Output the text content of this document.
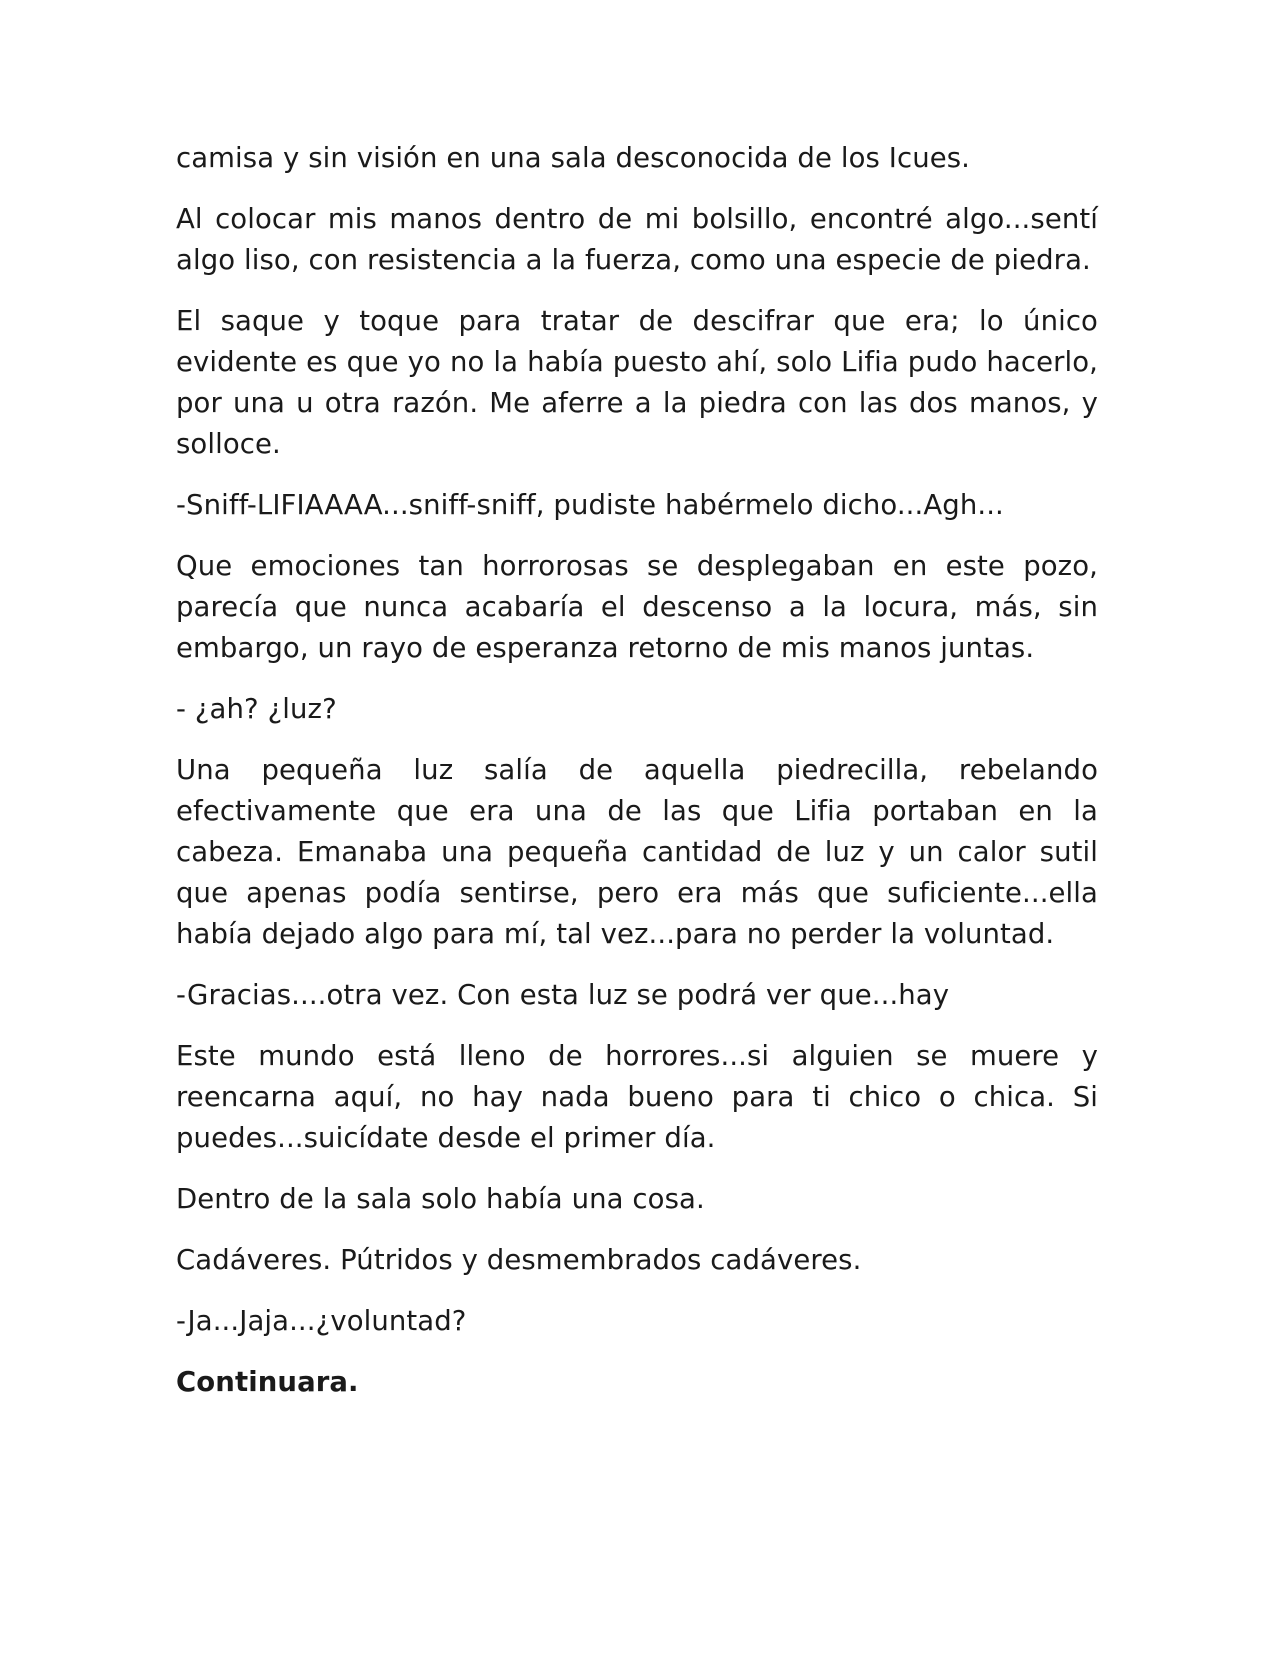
camisa y sin visión en una sala desconocida de los Icues.

Al colocar mis manos dentro de mi bolsillo, encontré algo...sentí algo liso, con resistencia a la fuerza, como una especie de piedra.

El saque y toque para tratar de descifrar que era; lo único evidente es que yo no la había puesto ahí, solo Lifia pudo hacerlo, por una u otra razón. Me aferre a la piedra con las dos manos, y solloce.

-Sniff-LIFIAAAA...sniff-sniff, pudiste habérmelo dicho...Agh...

Que emociones tan horrorosas se desplegaban en este pozo, parecía que nunca acabaría el descenso a la locura, más, sin embargo, un rayo de esperanza retorno de mis manos juntas.

- ¿ah? ¿luz?

Una pequeña luz salía de aquella piedrecilla, rebelando efectivamente que era una de las que Lifia portaban en la cabeza. Emanaba una pequeña cantidad de luz y un calor sutil que apenas podía sentirse, pero era más que suficiente...ella había dejado algo para mí, tal vez...para no perder la voluntad.

-Gracias....otra vez. Con esta luz se podrá ver que...hay

Este mundo está lleno de horrores...si alguien se muere y reencarna aquí, no hay nada bueno para ti chico o chica. Si puedes...suicídate desde el primer día.

Dentro de la sala solo había una cosa.

Cadáveres. Pútridos y desmembrados cadáveres.

-Ja...Jaja...¿voluntad?

Continuara.
